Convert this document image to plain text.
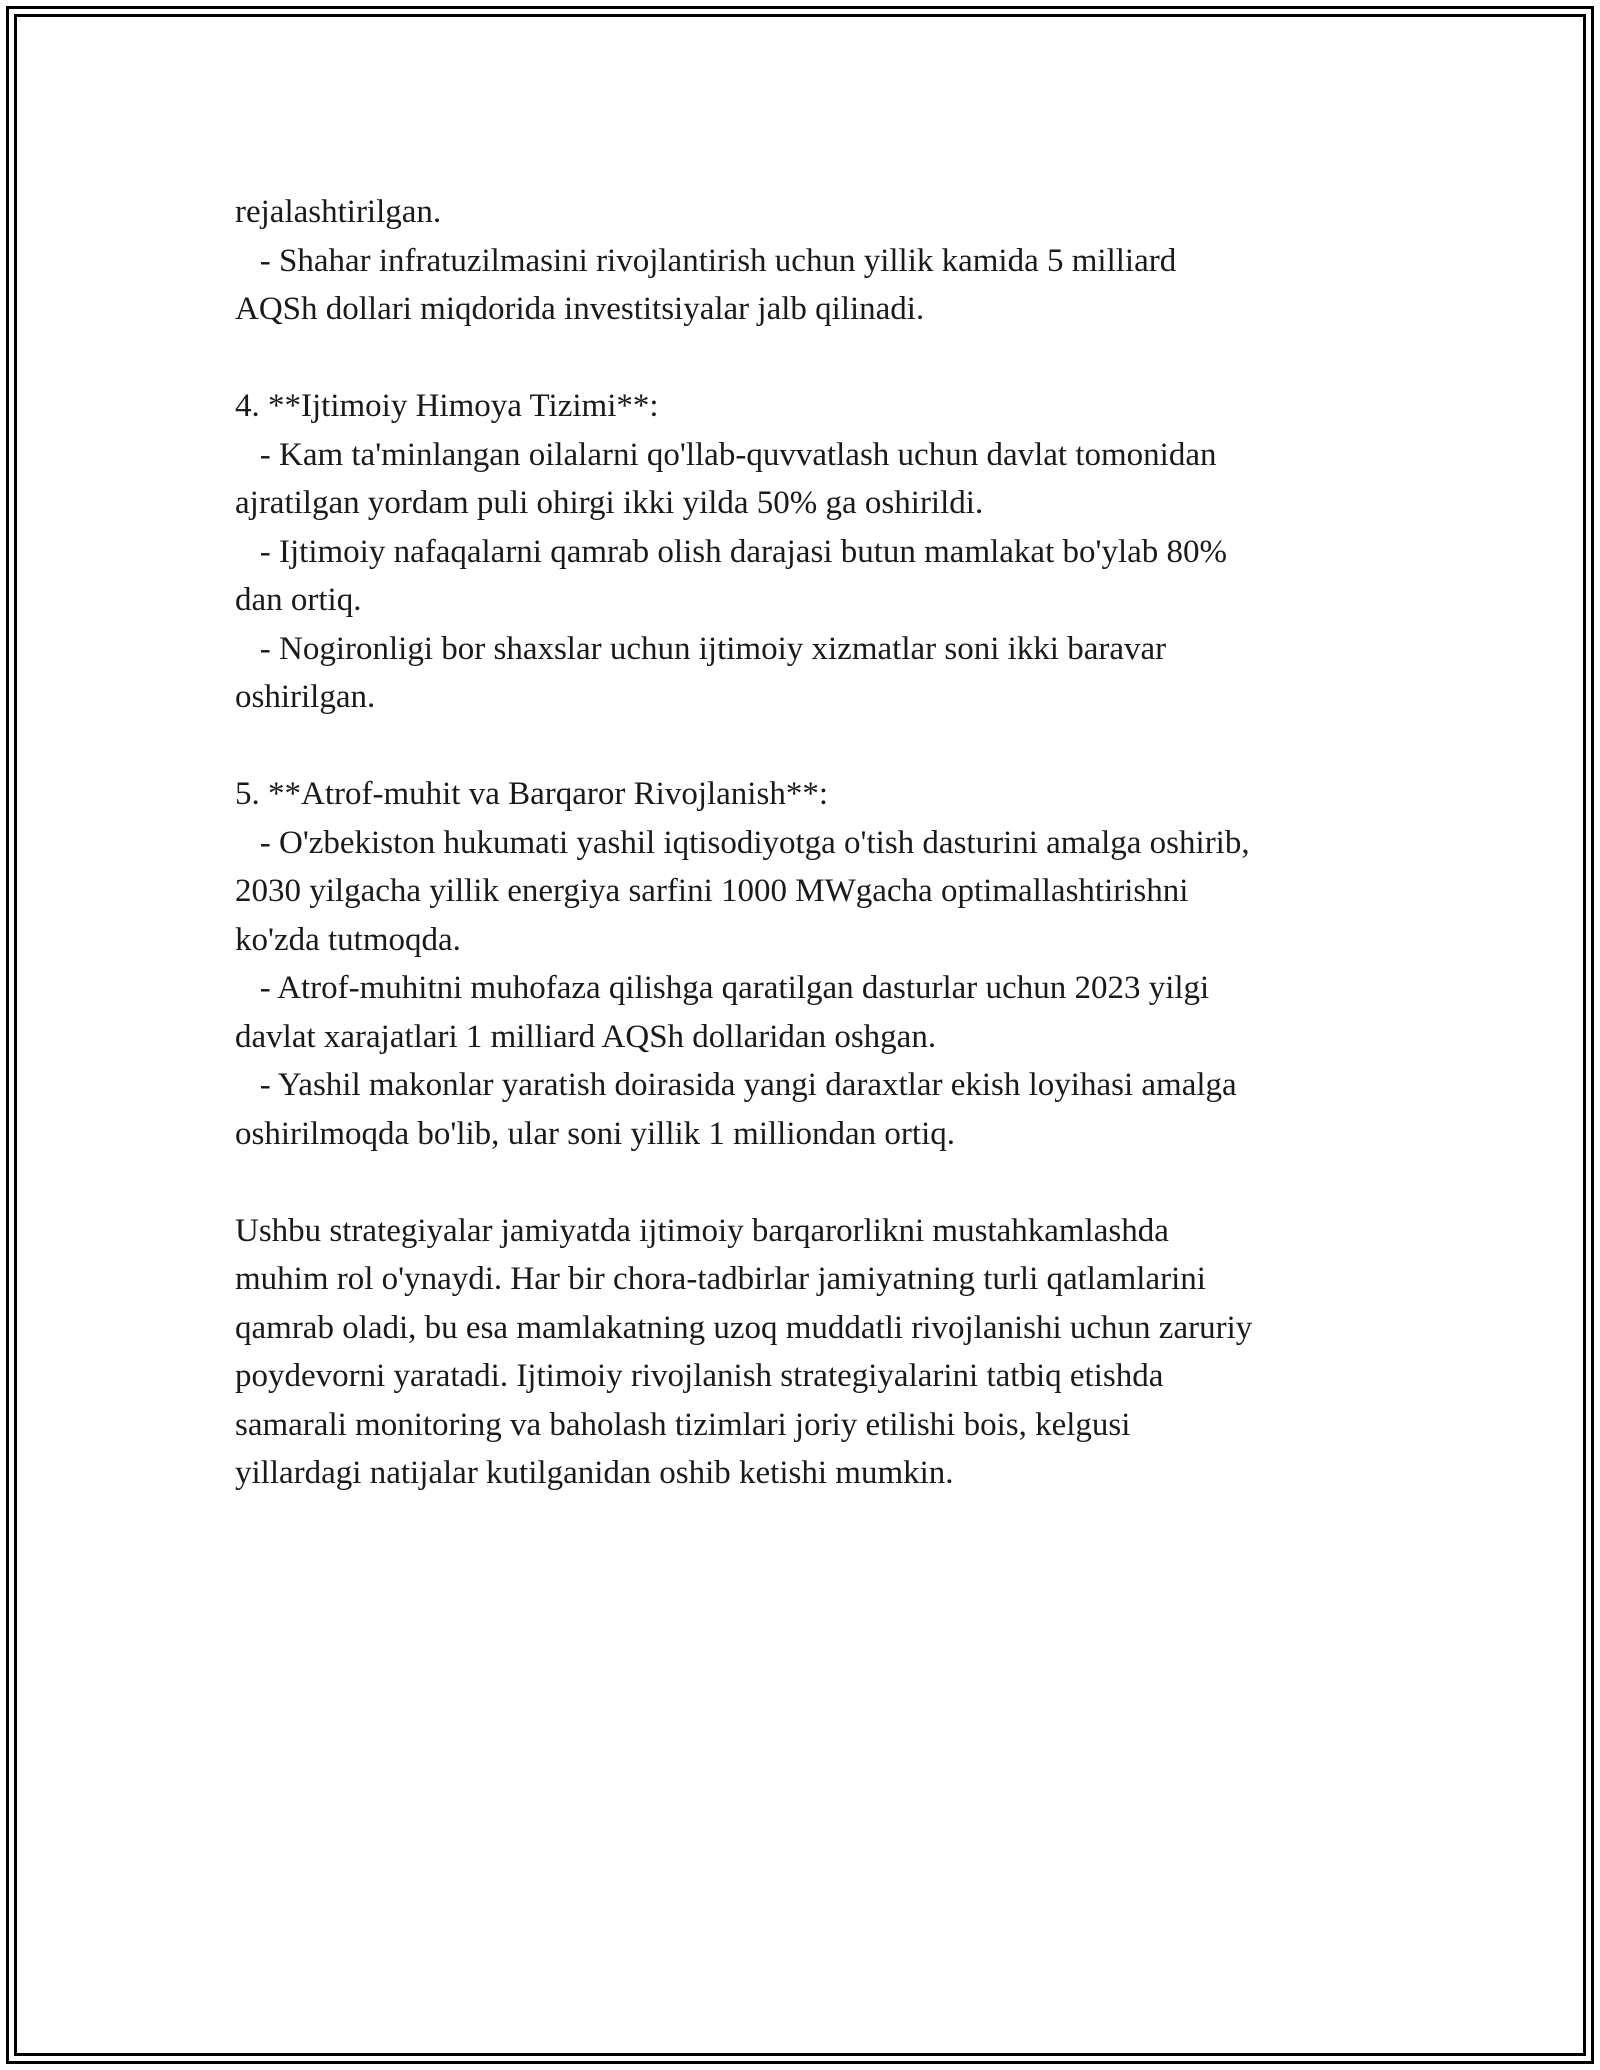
rejalashtirilgan.
- Shahar infratuzilmasini rivojlantirish uchun yillik kamida 5 milliard
AQSh dollari miqdorida investitsiyalar jalb qilinadi.
4. **Ijtimoiy Himoya Tizimi**:
- Kam ta'minlangan oilalarni qo'llab-quvvatlash uchun davlat tomonidan
ajratilgan yordam puli ohirgi ikki yilda 50% ga oshirildi.
- Ijtimoiy nafaqalarni qamrab olish darajasi butun mamlakat bo'ylab 80%
dan ortiq.
- Nogironligi bor shaxslar uchun ijtimoiy xizmatlar soni ikki baravar
oshirilgan.
5. **Atrof-muhit va Barqaror Rivojlanish**:
- O'zbekiston hukumati yashil iqtisodiyotga o'tish dasturini amalga oshirib,
2030 yilgacha yillik energiya sarfini 1000 MWgacha optimallashtirishni
ko'zda tutmoqda.
- Atrof-muhitni muhofaza qilishga qaratilgan dasturlar uchun 2023 yilgi
davlat xarajatlari 1 milliard AQSh dollaridan oshgan.
- Yashil makonlar yaratish doirasida yangi daraxtlar ekish loyihasi amalga
oshirilmoqda bo'lib, ular soni yillik 1 milliondan ortiq.
Ushbu strategiyalar jamiyatda ijtimoiy barqarorlikni mustahkamlashda
muhim rol o'ynaydi. Har bir chora-tadbirlar jamiyatning turli qatlamlarini
qamrab oladi, bu esa mamlakatning uzoq muddatli rivojlanishi uchun zaruriy
poydevorni yaratadi. Ijtimoiy rivojlanish strategiyalarini tatbiq etishda
samarali monitoring va baholash tizimlari joriy etilishi bois, kelgusi
yillardagi natijalar kutilganidan oshib ketishi mumkin.
